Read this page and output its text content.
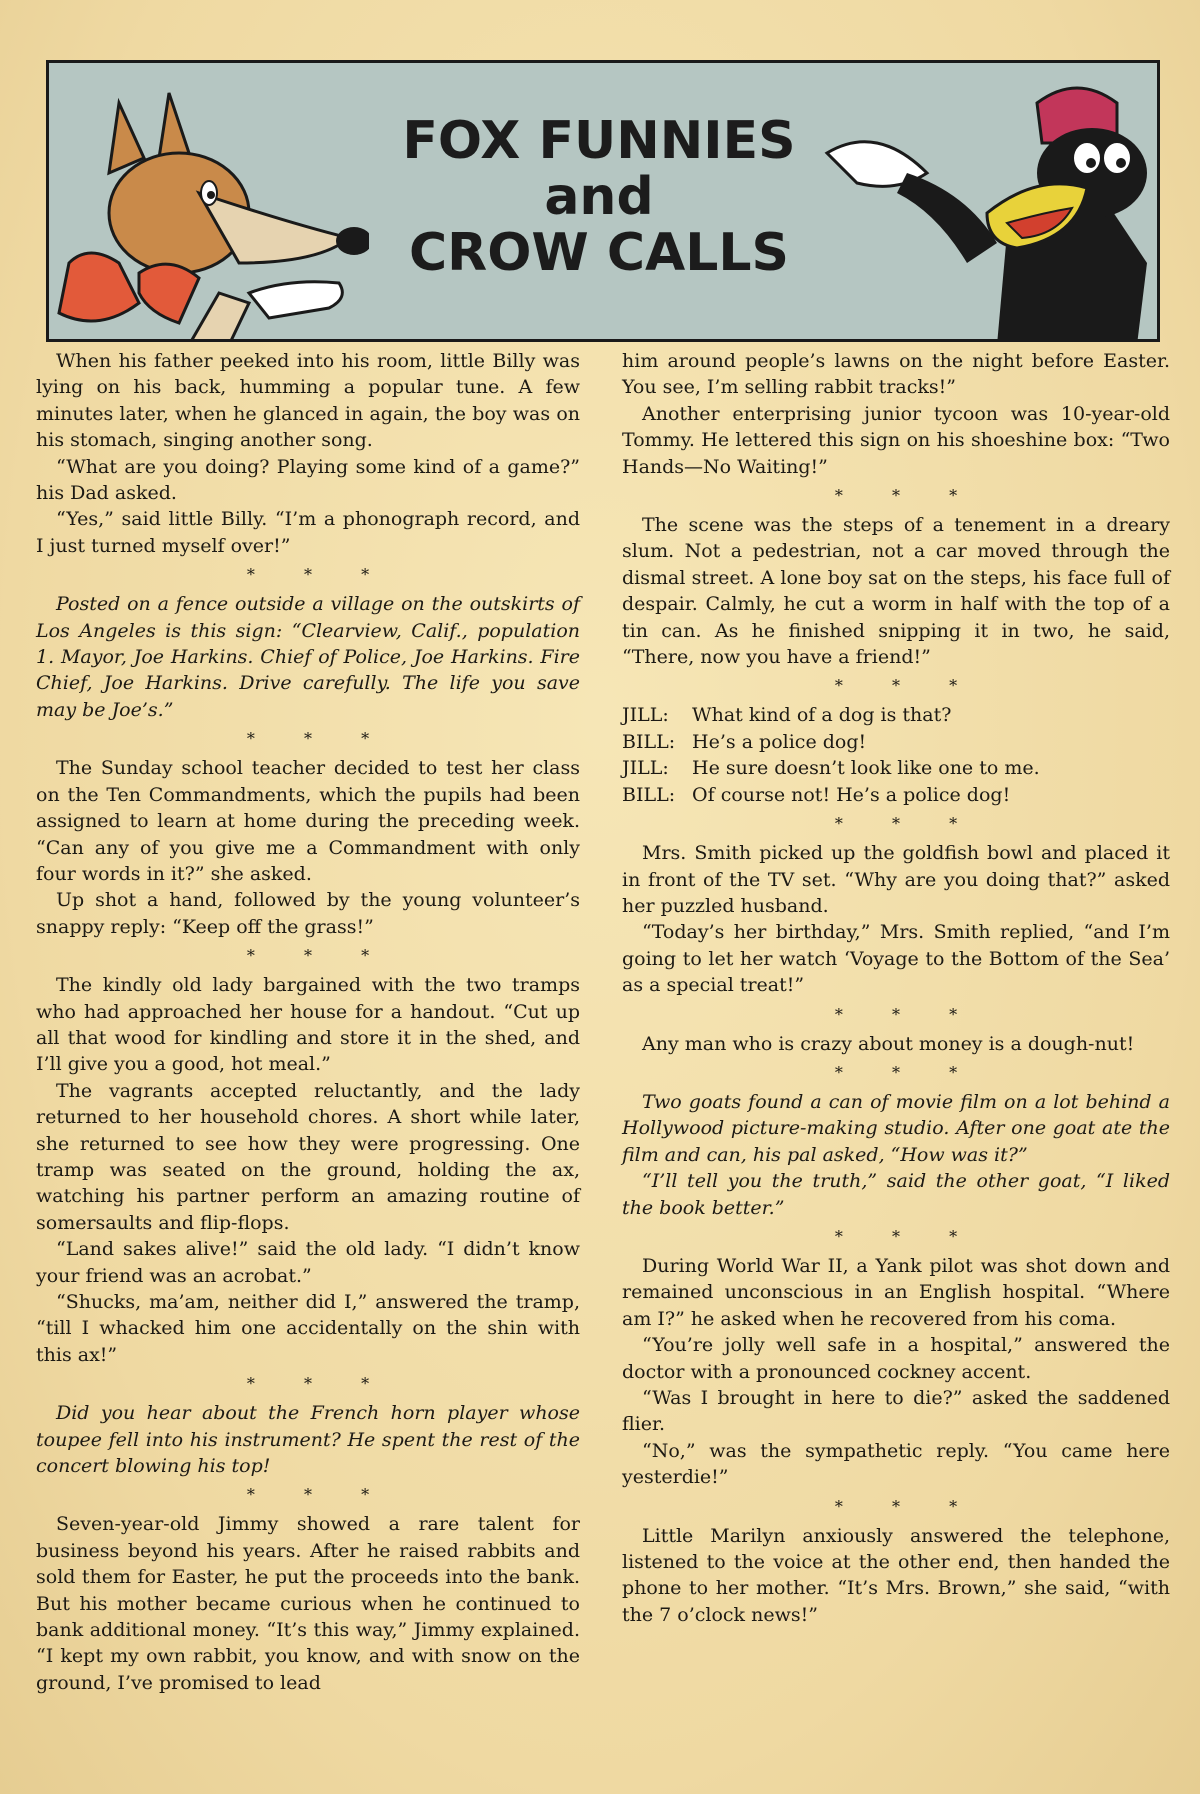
FOX FUNNIES
and
CROW CALLS

When his father peeked into his room, little Billy was lying on his back, humming a popular tune. A few minutes later, when he glanced in again, the boy was on his stomach, singing another song.

“What are you doing? Playing some kind of a game?” his Dad asked.

“Yes,” said little Billy. “I’m a phonograph record, and I just turned myself over!”

* * *

Posted on a fence outside a village on the outskirts of Los Angeles is this sign: “Clearview, Calif., population 1. Mayor, Joe Harkins. Chief of Police, Joe Harkins. Fire Chief, Joe Harkins. Drive carefully. The life you save may be Joe’s.”

* * *

The Sunday school teacher decided to test her class on the Ten Commandments, which the pupils had been assigned to learn at home during the preceding week. “Can any of you give me a Commandment with only four words in it?” she asked.

Up shot a hand, followed by the young volunteer’s snappy reply: “Keep off the grass!”

* * *

The kindly old lady bargained with the two tramps who had approached her house for a handout. “Cut up all that wood for kindling and store it in the shed, and I’ll give you a good, hot meal.”

The vagrants accepted reluctantly, and the lady returned to her household chores. A short while later, she returned to see how they were progressing. One tramp was seated on the ground, holding the ax, watching his partner perform an amazing routine of somersaults and flip-flops.

“Land sakes alive!” said the old lady. “I didn’t know your friend was an acrobat.”

“Shucks, ma’am, neither did I,” answered the tramp, “till I whacked him one accidentally on the shin with this ax!”

* * *

Did you hear about the French horn player whose toupee fell into his instrument? He spent the rest of the concert blowing his top!

* * *

Seven-year-old Jimmy showed a rare talent for business beyond his years. After he raised rabbits and sold them for Easter, he put the proceeds into the bank. But his mother became curious when he continued to bank additional money. “It’s this way,” Jimmy explained. “I kept my own rabbit, you know, and with snow on the ground, I’ve promised to lead

him around people’s lawns on the night before Easter. You see, I’m selling rabbit tracks!”

Another enterprising junior tycoon was 10-year-old Tommy. He lettered this sign on his shoeshine box: “Two Hands—No Waiting!”

* * *

The scene was the steps of a tenement in a dreary slum. Not a pedestrian, not a car moved through the dismal street. A lone boy sat on the steps, his face full of despair. Calmly, he cut a worm in half with the top of a tin can. As he finished snipping it in two, he said, “There, now you have a friend!”

* * *

JILL: What kind of a dog is that?

BILL: He’s a police dog!

JILL: He sure doesn’t look like one to me.

BILL: Of course not! He’s a police dog!

* * *

Mrs. Smith picked up the goldfish bowl and placed it in front of the TV set. “Why are you doing that?” asked her puzzled husband.

“Today’s her birthday,” Mrs. Smith replied, “and I’m going to let her watch ‘Voyage to the Bottom of the Sea’ as a special treat!”

* * *

Any man who is crazy about money is a dough-nut!

* * *

Two goats found a can of movie film on a lot behind a Hollywood picture-making studio. After one goat ate the film and can, his pal asked, “How was it?”

“I’ll tell you the truth,” said the other goat, “I liked the book better.”

* * *

During World War II, a Yank pilot was shot down and remained unconscious in an English hospital. “Where am I?” he asked when he recovered from his coma.

“You’re jolly well safe in a hospital,” answered the doctor with a pronounced cockney accent.

“Was I brought in here to die?” asked the saddened flier.

“No,” was the sympathetic reply. “You came here yesterdie!”

* * *

Little Marilyn anxiously answered the telephone, listened to the voice at the other end, then handed the phone to her mother. “It’s Mrs. Brown,” she said, “with the 7 o’clock news!”
